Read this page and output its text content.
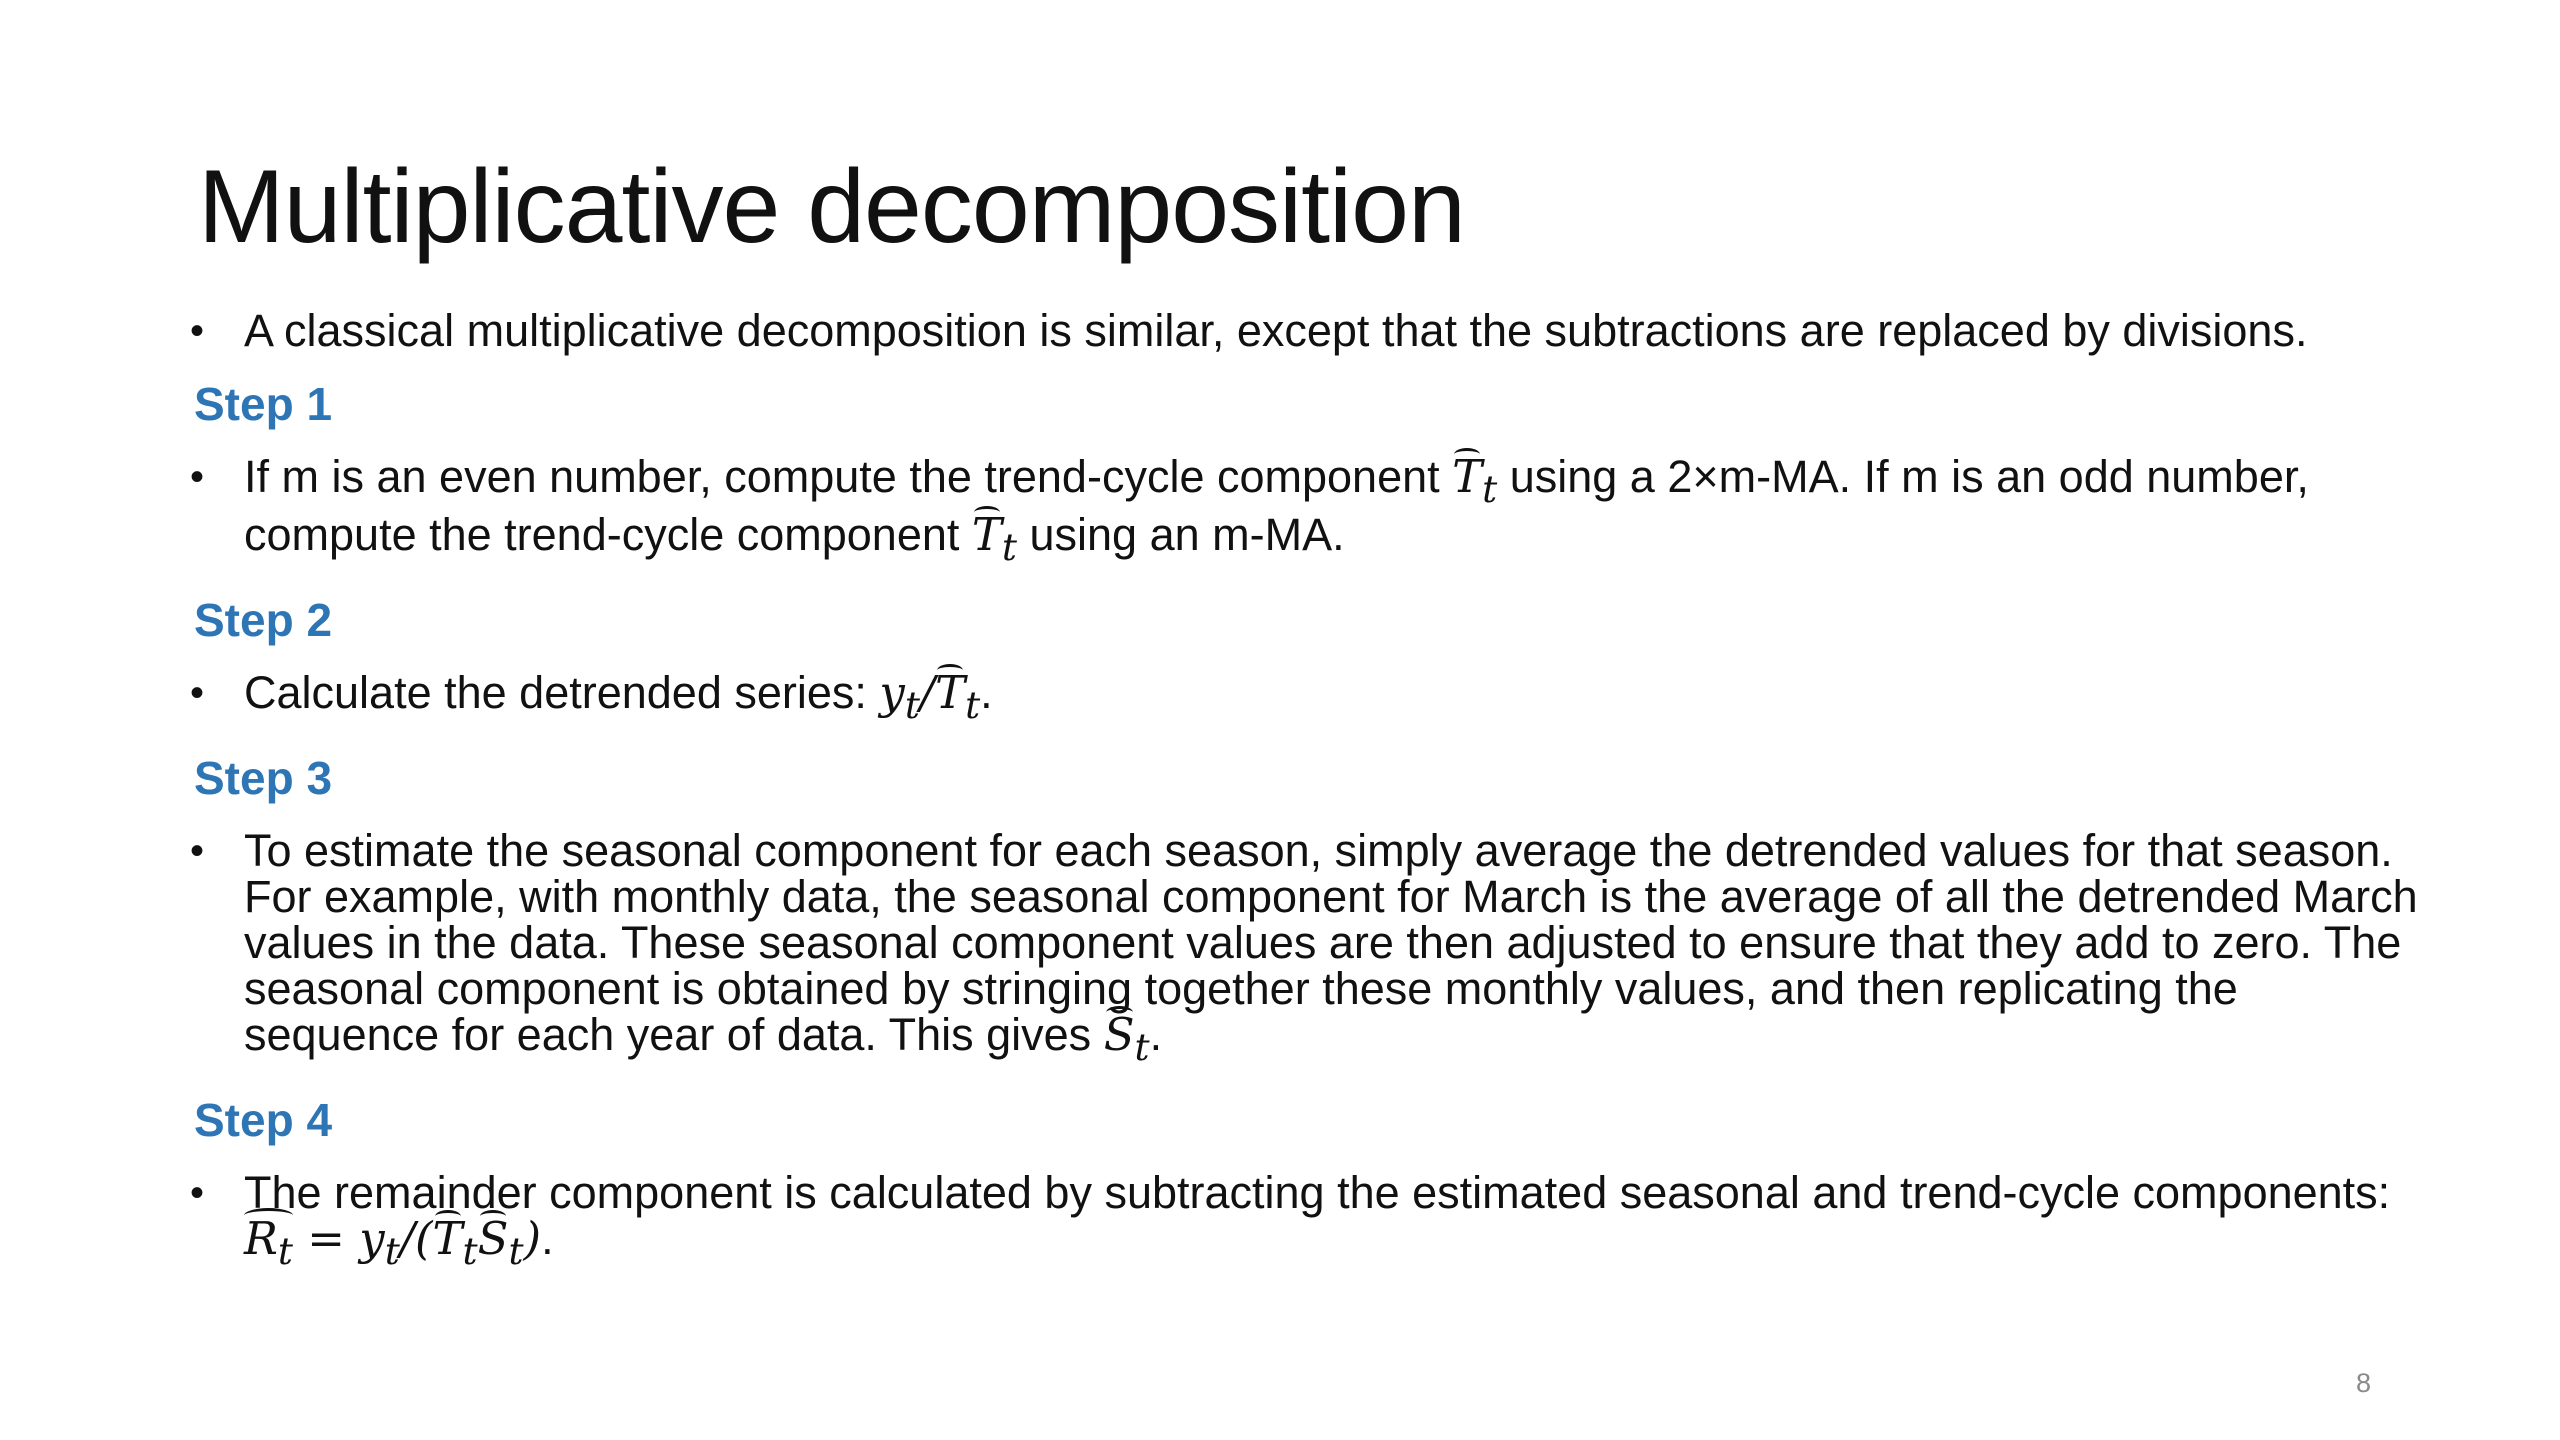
Multiplicative decomposition

• A classical multiplicative decomposition is similar, except that the subtractions are replaced by divisions.

Step 1

• If m is an even number, compute the trend-cycle component $T_t$ using a 2×m-MA. If m is an odd number, compute the trend-cycle component $T_t$ using an m-MA.

Step 2

• Calculate the detrended series: $y_t/T_t$.

Step 3

• To estimate the seasonal component for each season, simply average the detrended values for that season. For example, with monthly data, the seasonal component for March is the average of all the detrended March values in the data. These seasonal component values are then adjusted to ensure that they add to zero. The seasonal component is obtained by stringing together these monthly values, and then replicating the sequence for each year of data. This gives $S_t$.

Step 4

• The remainder component is calculated by subtracting the estimated seasonal and trend-cycle components: $R_t = y_t/(T_tS_t)$.

8
